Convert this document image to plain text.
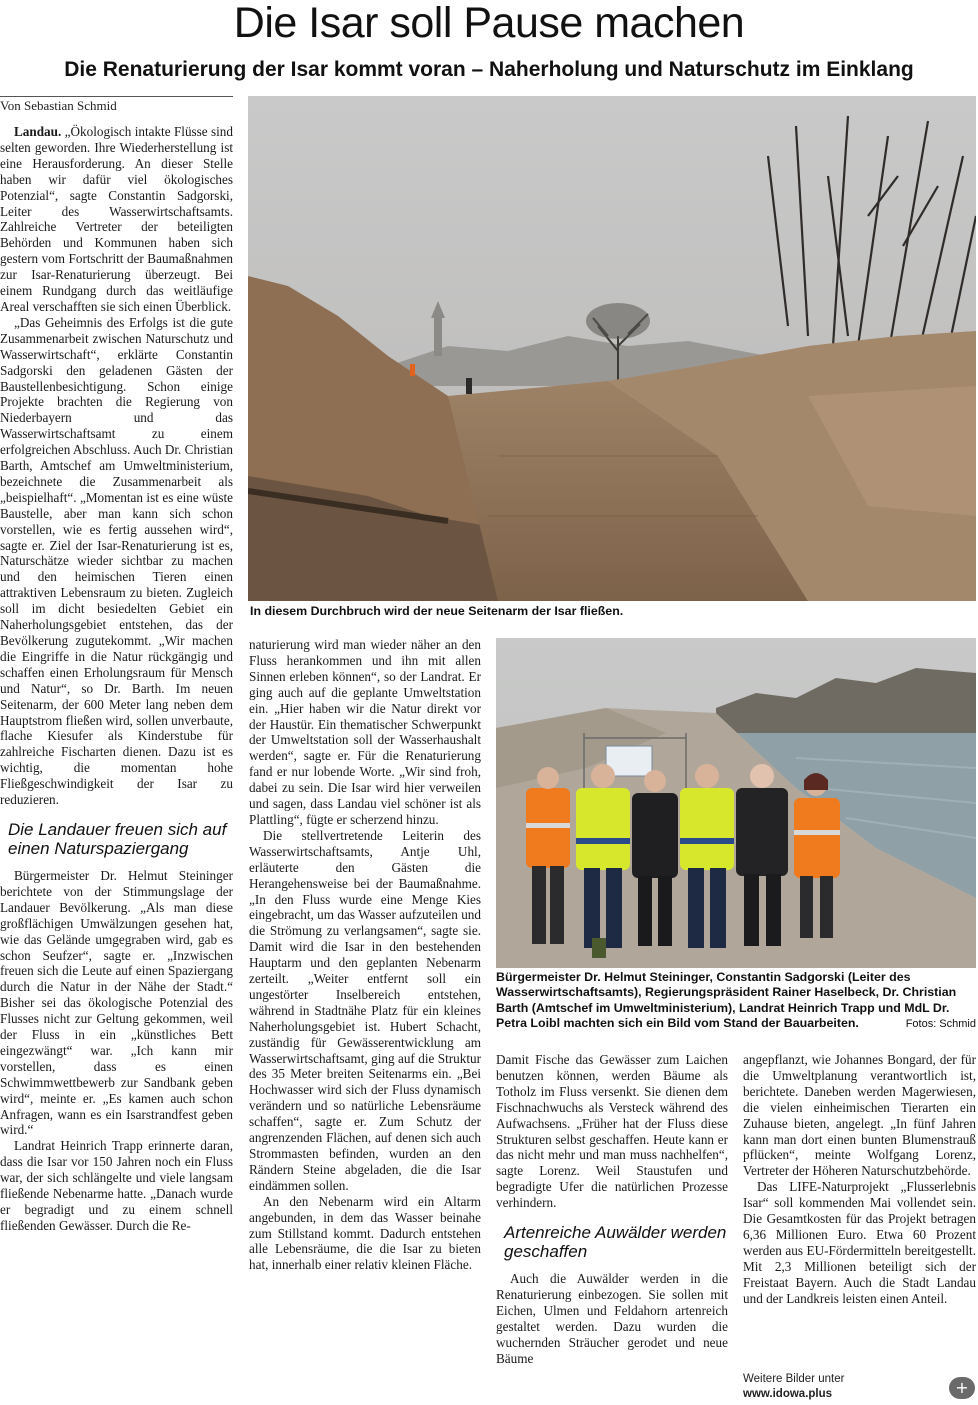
Die Isar soll Pause machen
Die Renaturierung der Isar kommt voran – Naherholung und Naturschutz im Einklang
Von Sebastian Schmid

Landau. „Ökologisch intakte Flüsse sind selten geworden. Ihre Wiederherstellung ist eine Herausforderung. An dieser Stelle haben wir dafür viel ökologisches Potenzial“, sagte Constantin Sadgorski, Leiter des Wasserwirtschaftsamts. Zahlreiche Vertreter der beteiligten Behörden und Kommunen haben sich gestern vom Fortschritt der Baumaßnahmen zur Isar-Renaturierung überzeugt. Bei einem Rundgang durch das weitläufige Areal verschafften sie sich einen Überblick.

„Das Geheimnis des Erfolgs ist die gute Zusammenarbeit zwischen Naturschutz und Wasserwirtschaft“, erklärte Constantin Sadgorski den geladenen Gästen der Baustellenbesichtigung. Schon einige Projekte brachten die Regierung von Niederbayern und das Wasserwirtschaftsamt zu einem erfolgreichen Abschluss. Auch Dr. Christian Barth, Amtschef am Umweltministerium, bezeichnete die Zusammenarbeit als „beispielhaft“. „Momentan ist es eine wüste Baustelle, aber man kann sich schon vorstellen, wie es fertig aussehen wird“, sagte er. Ziel der Isar-Renaturierung ist es, Naturschätze wieder sichtbar zu machen und den heimischen Tieren einen attraktiven Lebensraum zu bieten. Zugleich soll im dicht besiedelten Gebiet ein Naherholungsgebiet entstehen, das der Bevölkerung zugutekommt. „Wir machen die Eingriffe in die Natur rückgängig und schaffen einen Erholungsraum für Mensch und Natur“, so Dr. Barth. Im neuen Seitenarm, der 600 Meter lang neben dem Hauptstrom fließen wird, sollen unverbaute, flache Kiesufer als Kinderstube für zahlreiche Fischarten dienen. Dazu ist es wichtig, die momentan hohe Fließgeschwindigkeit der Isar zu reduzieren.

Die Landauer freuen sich auf einen Naturspaziergang

Bürgermeister Dr. Helmut Steininger berichtete von der Stimmungslage der Landauer Bevölkerung. „Als man diese großflächigen Umwälzungen gesehen hat, wie das Gelände umgegraben wird, gab es schon Seufzer“, sagte er. „Inzwischen freuen sich die Leute auf einen Spaziergang durch die Natur in der Nähe der Stadt.“ Bisher sei das ökologische Potenzial des Flusses nicht zur Geltung gekommen, weil der Fluss in ein „künstliches Bett eingezwängt“ war. „Ich kann mir vorstellen, dass es einen Schwimmwettbewerb zur Sandbank geben wird“, meinte er. „Es kamen auch schon Anfragen, wann es ein Isarstrandfest geben wird.“

Landrat Heinrich Trapp erinnerte daran, dass die Isar vor 150 Jahren noch ein Fluss war, der sich schlängelte und viele langsam fließende Nebenarme hatte. „Danach wurde er begradigt und zu einem schnell fließenden Gewässer. Durch die Re-

In diesem Durchbruch wird der neue Seitenarm der Isar fließen.

naturierung wird man wieder näher an den Fluss herankommen und ihn mit allen Sinnen erleben können“, so der Landrat. Er ging auch auf die geplante Umweltstation ein. „Hier haben wir die Natur direkt vor der Haustür. Ein thematischer Schwerpunkt der Umweltstation soll der Wasserhaushalt werden“, sagte er. Für die Renaturierung fand er nur lobende Worte. „Wir sind froh, dabei zu sein. Die Isar wird hier verweilen und sagen, dass Landau viel schöner ist als Plattling“, fügte er scherzend hinzu.

Die stellvertretende Leiterin des Wasserwirtschaftsamts, Antje Uhl, erläuterte den Gästen die Herangehensweise bei der Baumaßnahme. „In den Fluss wurde eine Menge Kies eingebracht, um das Wasser aufzuteilen und die Strömung zu verlangsamen“, sagte sie. Damit wird die Isar in den bestehenden Hauptarm und den geplanten Nebenarm zerteilt. „Weiter entfernt soll ein ungestörter Inselbereich entstehen, während in Stadtnähe Platz für ein kleines Naherholungsgebiet ist. Hubert Schacht, zuständig für Gewässerentwicklung am Wasserwirtschaftsamt, ging auf die Struktur des 35 Meter breiten Seitenarms ein. „Bei Hochwasser wird sich der Fluss dynamisch verändern und so natürliche Lebensräume schaffen“, sagte er. Zum Schutz der angrenzenden Flächen, auf denen sich auch Strommasten befinden, wurden an den Rändern Steine abgeladen, die die Isar eindämmen sollen.

An den Nebenarm wird ein Altarm angebunden, in dem das Wasser beinahe zum Stillstand kommt. Dadurch entstehen alle Lebensräume, die die Isar zu bieten hat, innerhalb einer relativ kleinen Fläche.

Bürgermeister Dr. Helmut Steininger, Constantin Sadgorski (Leiter des Wasserwirtschaftsamts), Regierungspräsident Rainer Haselbeck, Dr. Christian Barth (Amtschef im Umweltministerium), Landrat Heinrich Trapp und MdL Dr. Petra Loibl machten sich ein Bild vom Stand der Bauarbeiten.	Fotos: Schmid

Damit Fische das Gewässer zum Laichen benutzen können, werden Bäume als Totholz im Fluss versenkt. Sie dienen dem Fischnachwuchs als Versteck während des Aufwachsens. „Früher hat der Fluss diese Strukturen selbst geschaffen. Heute kann er das nicht mehr und man muss nachhelfen“, sagte Lorenz. Weil Staustufen und begradigte Ufer die natürlichen Prozesse verhindern.

Artenreiche Auwälder werden geschaffen

Auch die Auwälder werden in die Renaturierung einbezogen. Sie sollen mit Eichen, Ulmen und Feldahorn artenreich gestaltet werden. Dazu wurden die wuchernden Sträucher gerodet und neue Bäume

angepflanzt, wie Johannes Bongard, der für die Umweltplanung verantwortlich ist, berichtete. Daneben werden Magerwiesen, die vielen einheimischen Tierarten ein Zuhause bieten, angelegt. „In fünf Jahren kann man dort einen bunten Blumenstrauß pflücken“, meinte Wolfgang Lorenz, Vertreter der Höheren Naturschutzbehörde.

Das LIFE-Naturprojekt „Flusserlebnis Isar“ soll kommenden Mai vollendet sein. Die Gesamtkosten für das Projekt betragen 6,36 Millionen Euro. Etwa 60 Prozent werden aus EU-Fördermitteln bereitgestellt. Mit 2,3 Millionen beteiligt sich der Freistaat Bayern. Auch die Stadt Landau und der Landkreis leisten einen Anteil.

Weitere Bilder unter
www.idowa.plus	+
